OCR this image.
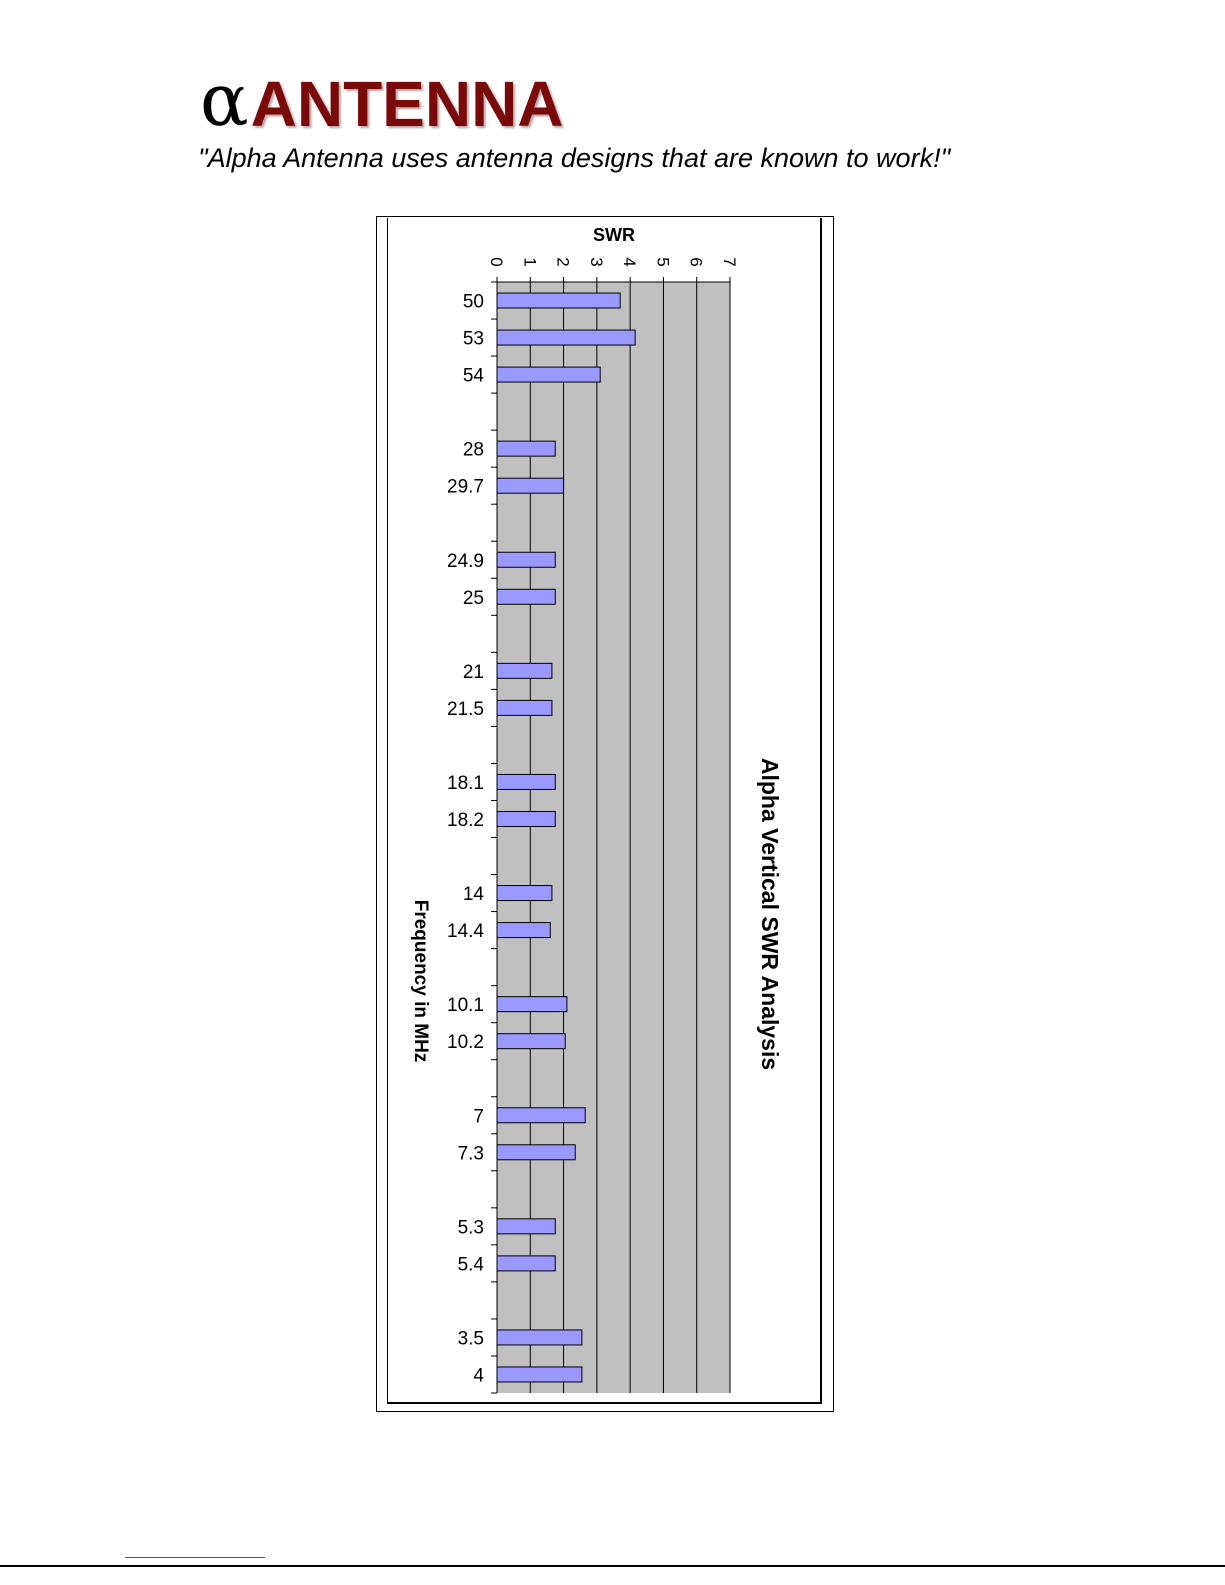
α ANTENNA
"Alpha Antenna uses antenna designs that are known to work!"
50
53
54
28
29.7
24.9
25
21
21.5
18.1
18.2
14
14.4
10.1
10.2
7
7.3
5.3
5.4
3.5
4
0 1 2 3 4 5 6 7
SWR
Frequency in MHz	Alpha Vertical SWR Analysis
